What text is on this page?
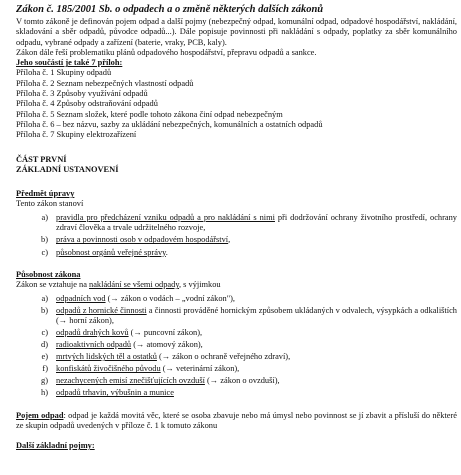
Zákon č. 185/2001 Sb. o odpadech a o změně některých dalších zákonů

V tomto zákoně je definován pojem odpad a další pojmy (nebezpečný odpad, komunální odpad, odpadové hospodářství, nakládání, skladování a sběr odpadů, původce odpadů...). Dále popisuje povinnosti při nakládání s odpady, poplatky za sběr komunálního odpadu, vybrané odpady a zařízení (baterie, vraky, PCB, kaly).

Zákon dále řeší problematiku plánů odpadového hospodářství, přepravu odpadů a sankce.

Jeho součástí je také 7 příloh:

Příloha č. 1 Skupiny odpadů

Příloha č. 2 Seznam nebezpečných vlastností odpadů

Příloha č. 3 Způsoby využívání odpadů

Příloha č. 4 Způsoby odstraňování odpadů

Příloha č. 5 Seznam složek, které podle tohoto zákona činí odpad nebezpečným

Příloha č. 6 – bez názvu, sazby za ukládání nebezpečných, komunálních a ostatních odpadů

Příloha č. 7 Skupiny elektrozařízení

ČÁST PRVNÍ

ZÁKLADNÍ USTANOVENÍ

Předmět úpravy

Tento zákon stanoví

a) pravidla pro předcházení vzniku odpadů a pro nakládání s nimi při dodržování ochrany životního prostředí, ochrany zdraví člověka a trvale udržitelného rozvoje,
b) práva a povinnosti osob v odpadovém hospodářství,
c) působnost orgánů veřejné správy.

Působnost zákona

Zákon se vztahuje na nakládání se všemi odpady, s výjimkou

a) odpadních vod (→ zákon o vodách – „vodní zákon"),
b) odpadů z hornické činnosti a činnosti prováděné hornickým způsobem ukládaných v odvalech, výsypkách a odkalištích (→ horní zákon),
c) odpadů drahých kovů (→ puncovní zákon),
d) radioaktivních odpadů (→ atomový zákon),
e) mrtvých lidských těl a ostatků (→ zákon o ochraně veřejného zdraví),
f) konfiskátů živočišného původu (→ veterinární zákon),
g) nezachycených emisí znečišťujících ovzduší (→ zákon o ovzduší),
h) odpadů trhavin, výbušnin a munice

Pojem odpad: odpad je každá movitá věc, které se osoba zbavuje nebo má úmysl nebo povinnost se jí zbavit a přísluší do některé ze skupin odpadů uvedených v příloze č. 1 k tomuto zákonu

Další základní pojmy:
